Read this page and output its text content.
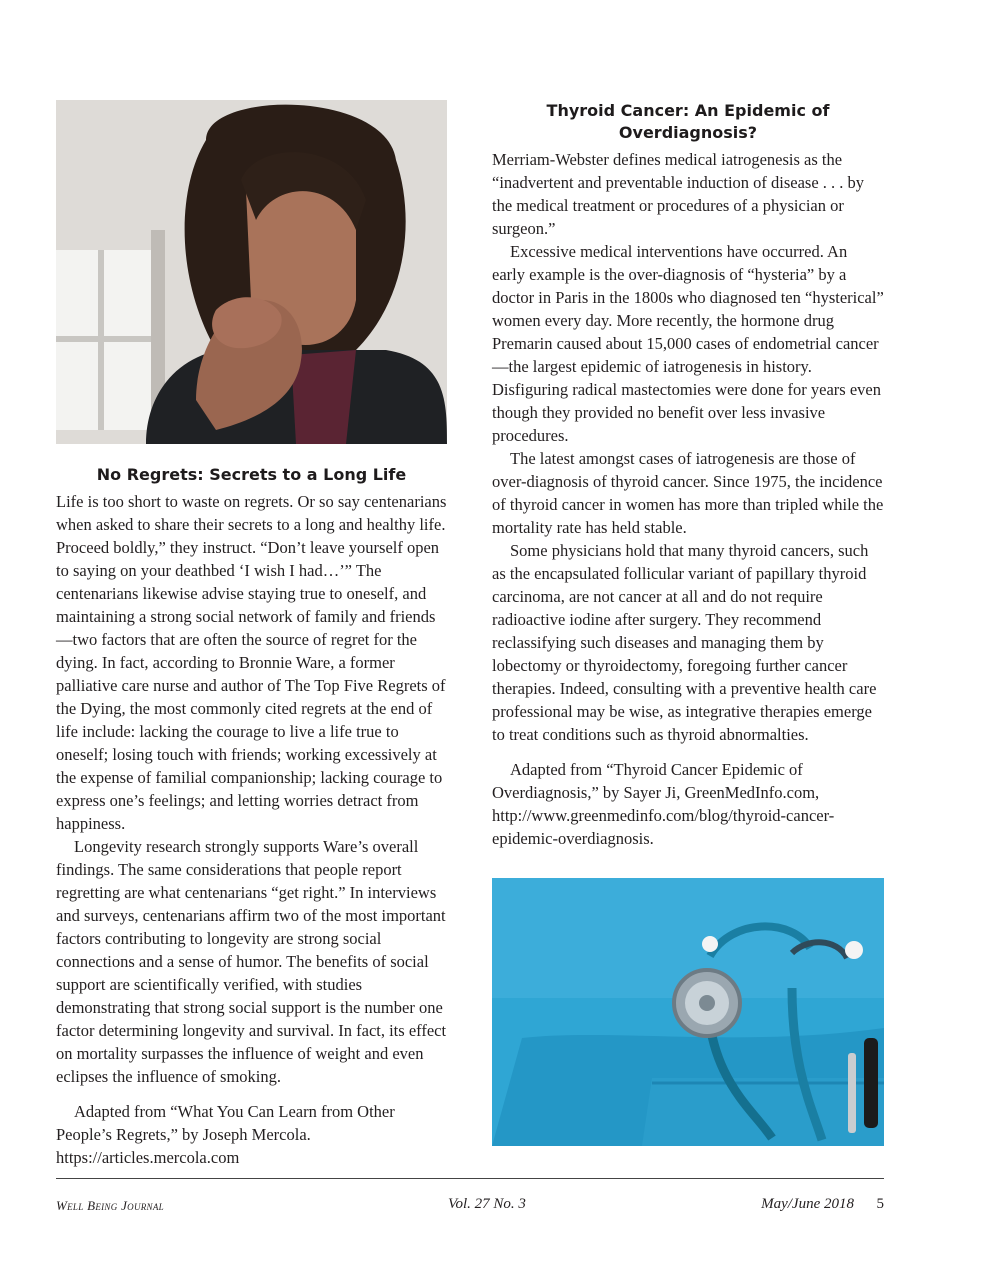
No Regrets: Secrets to a Long Life

Life is too short to waste on regrets. Or so say centenarians when asked to share their secrets to a long and healthy life. Proceed boldly,” they instruct. “Don’t leave yourself open to saying on your deathbed ‘I wish I had…’” The centenarians likewise advise staying true to oneself, and maintaining a strong social network of family and friends—two factors that are often the source of regret for the dying. In fact, according to Bronnie Ware, a former palliative care nurse and author of The Top Five Regrets of the Dying, the most commonly cited regrets at the end of life include: lacking the courage to live a life true to oneself; losing touch with friends; working excessively at the expense of familial companionship; lacking courage to express one’s feelings; and letting worries detract from happiness.

Longevity research strongly supports Ware’s overall findings. The same considerations that people report regretting are what centenarians “get right.” In interviews and surveys, centenarians affirm two of the most important factors contributing to longevity are strong social connections and a sense of humor. The benefits of social support are scientifically verified, with studies demonstrating that strong social support is the number one factor determining longevity and survival. In fact, its effect on mortality surpasses the influence of weight and even eclipses the influence of smoking.

Adapted from “What You Can Learn from Other People’s Regrets,” by Joseph Mercola. https://articles.mercola.com

Thyroid Cancer: An Epidemic of
Overdiagnosis?

Merriam-Webster defines medical iatrogenesis as the “inadvertent and preventable induction of disease . . . by the medical treatment or procedures of a physician or surgeon.”

Excessive medical interventions have occurred. An early example is the over-diagnosis of “hysteria” by a doctor in Paris in the 1800s who diagnosed ten “hysterical” women every day. More recently, the hormone drug Premarin caused about 15,000 cases of endometrial cancer—the largest epidemic of iatrogenesis in history. Disfiguring radical mastectomies were done for years even though they provided no benefit over less invasive procedures.

The latest amongst cases of iatrogenesis are those of over-diagnosis of thyroid cancer. Since 1975, the incidence of thyroid cancer in women has more than tripled while the mortality rate has held stable.

Some physicians hold that many thyroid cancers, such as the encapsulated follicular variant of papillary thyroid carcinoma, are not cancer at all and do not require radioactive iodine after surgery. They recommend reclassifying such diseases and managing them by lobectomy or thyroidectomy, foregoing further cancer therapies. Indeed, consulting with a preventive health care professional may be wise, as integrative therapies emerge to treat conditions such as thyroid abnormalties.

Adapted from “Thyroid Cancer Epidemic of Overdiagnosis,” by Sayer Ji, GreenMedInfo.com, http://www.greenmedinfo.com/blog/thyroid-cancer-epidemic-overdiagnosis.

Well Being Journal	Vol. 27 No. 3	May/June 2018 5
